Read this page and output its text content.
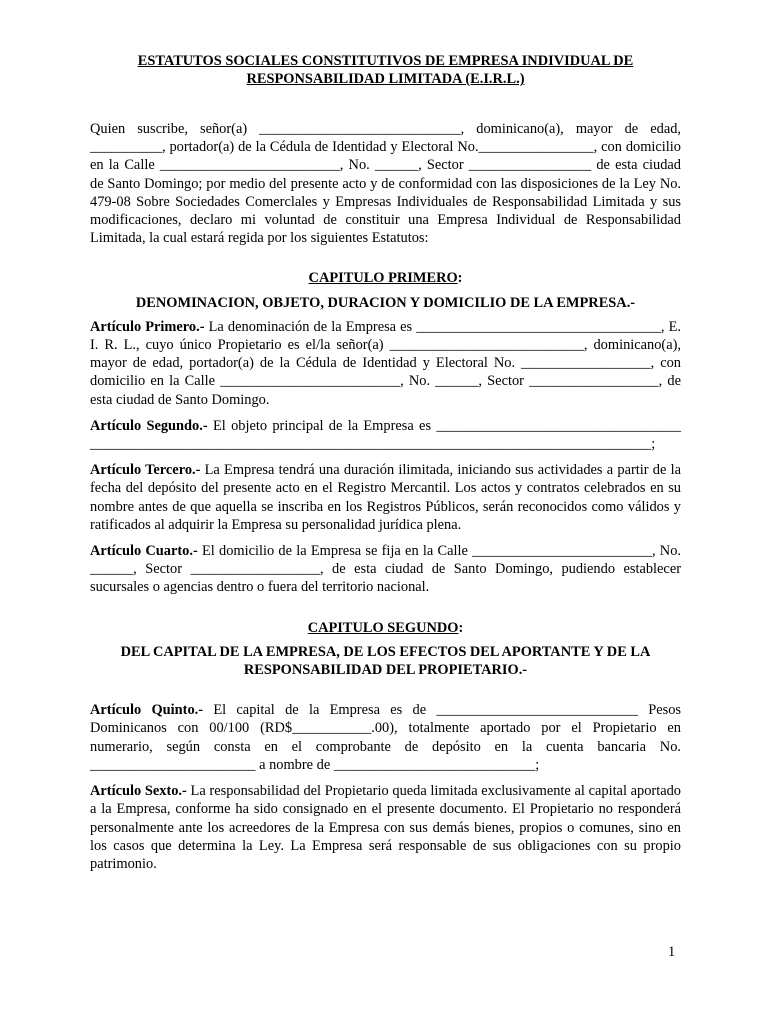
ESTATUTOS SOCIALES CONSTITUTIVOS DE EMPRESA INDIVIDUAL DE

RESPONSABILIDAD LIMITADA (E.I.R.L.)

Quien suscribe, señor(a) ____________________________, dominicano(a), mayor de edad, __________, portador(a) de la Cédula de Identidad y Electoral No.________________, con domicilio en la Calle _________________________, No. ______, Sector _________________ de esta ciudad de Santo Domingo; por medio del presente acto y de conformidad con las disposiciones de la Ley No. 479-08 Sobre Sociedades Comerclales y Empresas Individuales de Responsabilidad Limitada y sus modificaciones, declaro mi voluntad de constituir una Empresa Individual de Responsabilidad Limitada, la cual estará regida por los siguientes Estatutos:

CAPITULO PRIMERO:

DENOMINACION, OBJETO, DURACION Y DOMICILIO DE LA EMPRESA.-

Artículo Primero.- La denominación de la Empresa es __________________________________, E. I. R. L., cuyo único Propietario es el/la señor(a) ___________________________, dominicano(a), mayor de edad, portador(a) de la Cédula de Identidad y Electoral No. __________________, con domicilio en la Calle _________________________, No. ______, Sector __________________, de esta ciudad de Santo Domingo.

Artículo Segundo.- El objeto principal de la Empresa es __________________________________ ______________________________________________________________________________;

Artículo Tercero.- La Empresa tendrá una duración ilimitada, iniciando sus actividades a partir de la fecha del depósito del presente acto en el Registro Mercantil. Los actos y contratos celebrados en su nombre antes de que aquella se inscriba en los Registros Públicos, serán reconocidos como válidos y ratificados al adquirir la Empresa su personalidad jurídica plena.

Artículo Cuarto.- El domicilio de la Empresa se fija en la Calle _________________________, No. ______, Sector __________________, de esta ciudad de Santo Domingo, pudiendo establecer sucursales o agencias dentro o fuera del territorio nacional.

CAPITULO SEGUNDO:

DEL CAPITAL DE LA EMPRESA, DE LOS EFECTOS DEL APORTANTE Y DE LA

RESPONSABILIDAD DEL PROPIETARIO.-

Artículo Quinto.- El capital de la Empresa es de ____________________________ Pesos Dominicanos con 00/100 (RD$___________.00), totalmente aportado por el Propietario en numerario, según consta en el comprobante de depósito en la cuenta bancaria No. _______________________ a nombre de ____________________________;

Artículo Sexto.- La responsabilidad del Propietario queda limitada exclusivamente al capital aportado a la Empresa, conforme ha sido consignado en el presente documento. El Propietario no responderá personalmente ante los acreedores de la Empresa con sus demás bienes, propios o comunes, sino en los casos que determina la Ley. La Empresa será responsable de sus obligaciones con su propio patrimonio.

1
